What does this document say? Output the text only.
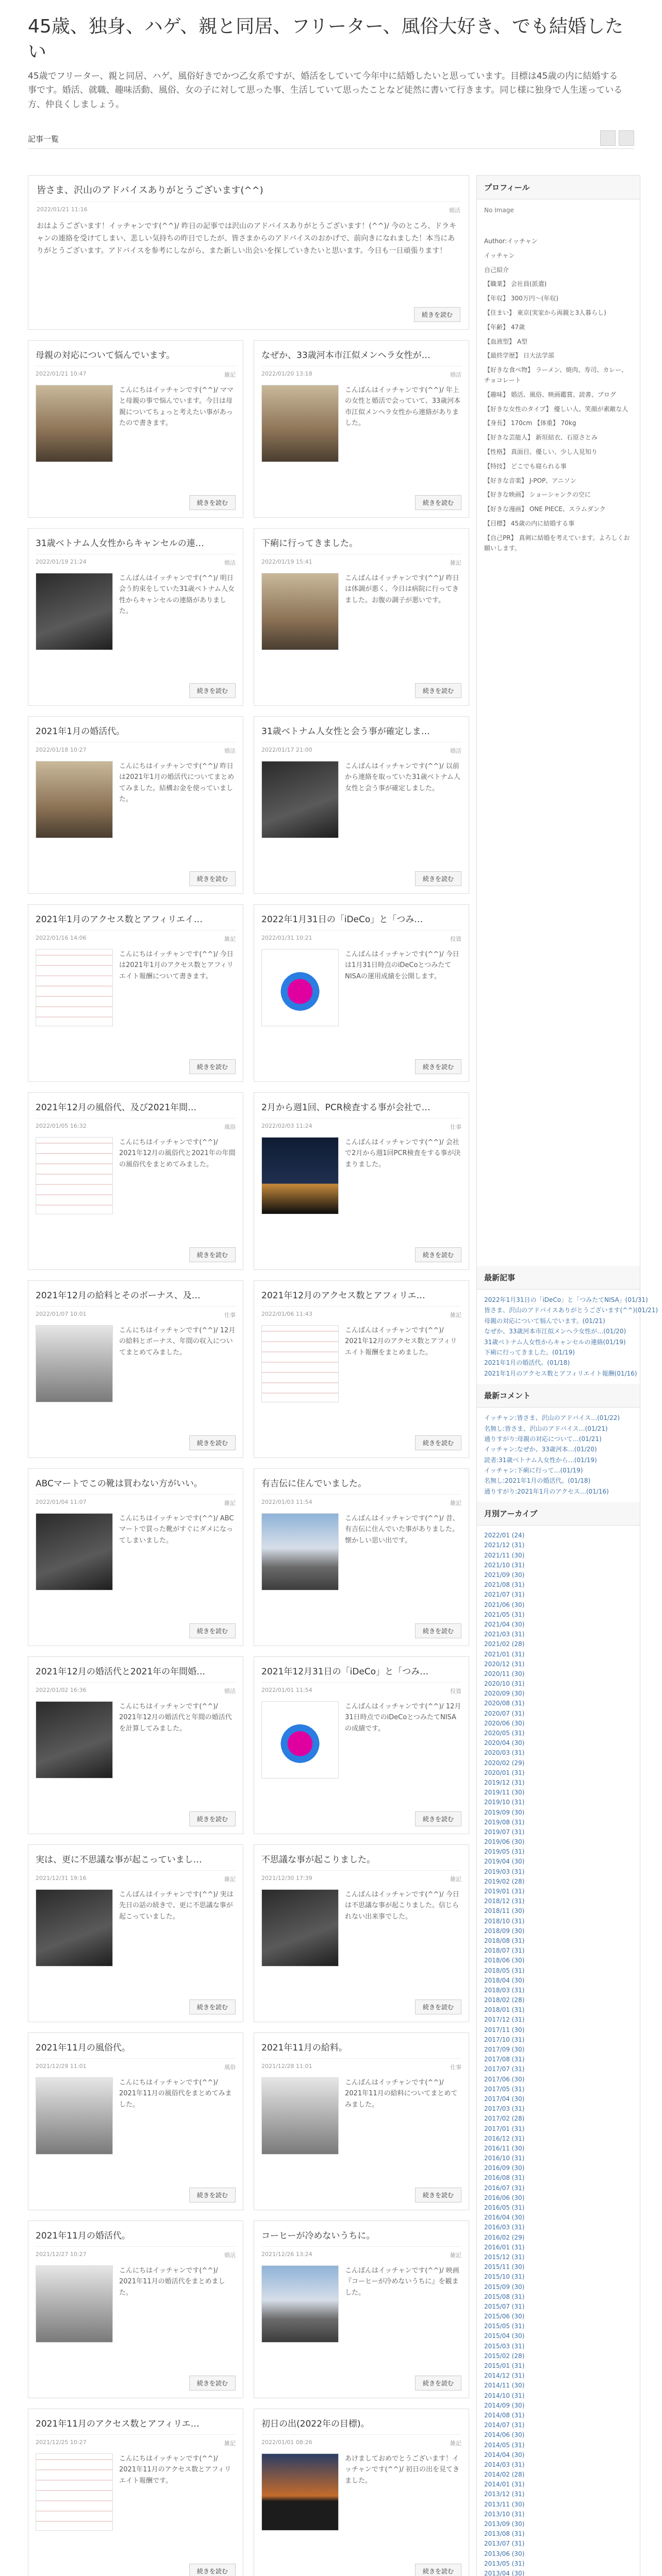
45歳、独身、ハゲ、親と同居、フリーター、風俗大好き、でも結婚したい

45歳でフリーター、親と同居、ハゲ、風俗好きでかつ乙女系ですが、婚活をしていて今年中に結婚したいと思っています。目標は45歳の内に結婚する事です。婚活、就職、趣味活動、風俗、女の子に対して思った事、生活していて思ったことなど徒然に書いて行きます。同じ様に独身で人生迷っている方、仲良くしましょう。

記事一覧
皆さま、沢山のアドバイスありがとうございます(^^)
2022/01/21 11:16	婚活

おはようございます！イッチャンです(^^)/ 昨日の記事では沢山のアドバイスありがとうございます！(^^)/ 今のところ、ドラキャンの連絡を受けてしまい、悲しい気持ちの昨日でしたが、皆さまからのアドバイスのおかげで、前向きになれました！本当にありがとうございます。アドバイスを参考にしながら、また新しい出会いを探していきたいと思います。今日も一日頑張ります！

続きを読む
母親の対応について悩んでいます。
2022/01/21 10:47	雑記
こんにちはイッチャンです(^^)/ ママと母親の事で悩んでいます。今日は母親についてちょっと考えたい事があったので書きます。
続きを読む
なぜか、33歳河本市江似メンヘラ女性が…
2022/01/20 13:18	婚活
こんばんはイッチャンです(^^)/ 年上の女性と婚活で会っていて、33歳河本市江似メンヘラ女性から連絡がありました。
続きを読む
31歳ベトナム人女性からキャンセルの連…
2022/01/19 21:24	婚活
こんばんはイッチャンです(^^)/ 明日会う約束をしていた31歳ベトナム人女性からキャンセルの連絡がありました。
続きを読む
下痢に行ってきました。
2022/01/19 15:41	雑記
こんばんはイッチャンです(^^)/ 昨日は体調が悪く、今日は病院に行ってきました。お腹の調子が悪いです。
続きを読む
2021年1月の婚活代。
2022/01/18 10:27	婚活
こんにちはイッチャンです(^^)/ 昨日は2021年1月の婚活代についてまとめてみました。結構お金を使っていました。
続きを読む
31歳ベトナム人女性と会う事が確定しま…
2022/01/17 21:00	婚活
こんばんはイッチャンです(^^)/ 以前から連絡を取っていた31歳ベトナム人女性と会う事が確定しました。
続きを読む
2021年1月のアクセス数とアフィリエイ…
2022/01/16 14:06	雑記
こんにちはイッチャンです(^^)/ 今日は2021年1月のアクセス数とアフィリエイト報酬について書きます。
続きを読む
2022年1月31日の「iDeCo」と「つみ…
2022/01/31 10:21	投資
こんばんはイッチャンです(^^)/ 今日は1月31日時点のiDeCoとつみたてNISAの運用成績を公開します。
続きを読む
2021年12月の風俗代、及び2021年間…
2022/01/05 16:32	風俗
こんにちはイッチャンです(^^)/ 2021年12月の風俗代と2021年の年間の風俗代をまとめてみました。
続きを読む
2月から週1回、PCR検査する事が会社で…
2022/02/03 11:24	仕事
こんばんはイッチャンです(^^)/ 会社で2月から週1回PCR検査をする事が決まりました。
続きを読む
2021年12月の給料とそのボーナス、及…
2022/01/07 10:01	仕事
こんにちはイッチャンです(^^)/ 12月の給料とボーナス、年間の収入についてまとめてみました。
続きを読む
2021年12月のアクセス数とアフィリエ…
2022/01/06 11:43	雑記
こんばんはイッチャンです(^^)/ 2021年12月のアクセス数とアフィリエイト報酬をまとめました。
続きを読む
ABCマートでこの靴は買わない方がいい。
2022/01/04 11:07	雑記
こんにちはイッチャンです(^^)/ ABCマートで買った靴がすぐにダメになってしまいました。
続きを読む
有吉伝に住んでいました。
2022/01/03 11:54	雑記
こんばんはイッチャンです(^^)/ 昔、有吉伝に住んでいた事がありました。懐かしい思い出です。
続きを読む
2021年12月の婚活代と2021年の年間婚…
2022/01/02 16:36	婚活
こんにちはイッチャンです(^^)/ 2021年12月の婚活代と年間の婚活代を計算してみました。
続きを読む
2021年12月31日の「iDeCo」と「つみ…
2022/01/01 11:54	投資
こんばんはイッチャンです(^^)/ 12月31日時点でのiDeCoとつみたてNISAの成績です。
続きを読む
実は、更に不思議な事が起こっていまし…
2021/12/31 19:16	雑記
こんばんはイッチャンです(^^)/ 実は先日の話の続きで、更に不思議な事が起こっていました。
続きを読む
不思議な事が起こりました。
2021/12/30 17:39	雑記
こんばんはイッチャンです(^^)/ 今日は不思議な事が起こりました。信じられない出来事でした。
続きを読む
2021年11月の風俗代。
2021/12/29 11:01	風俗
こんにちはイッチャンです(^^)/ 2021年11月の風俗代をまとめてみました。
続きを読む
2021年11月の給料。
2021/12/28 11:01	仕事
こんばんはイッチャンです(^^)/ 2021年11月の給料についてまとめてみました。
続きを読む
2021年11月の婚活代。
2021/12/27 10:27	婚活
こんにちはイッチャンです(^^)/ 2021年11月の婚活代をまとめました。
続きを読む
コーヒーが冷めないうちに。
2021/12/26 13:24	雑記
こんばんはイッチャンです(^^)/ 映画『コーヒーが冷めないうちに』を観ました。
続きを読む
2021年11月のアクセス数とアフィリエ…
2021/12/25 10:27	雑記
こんにちはイッチャンです(^^)/ 2021年11月のアクセス数とアフィリエイト報酬です。
続きを読む
初日の出(2022年の目標)。
2022/01/01 08:26	雑記
あけましておめでとうございます！イッチャンです(^^)/ 初日の出を見てきました。
続きを読む
プロフィール
No Image

Author:イッチャン

イッチャン

自己紹介

【職業】 会社員(派遣)

【年収】 300万円〜(年収)

【住まい】 東京(実家から両親と3人暮らし)

【年齢】 47歳

【血液型】 A型

【最終学歴】 日大法学部

【好きな食べ物】 ラーメン、焼肉、寿司、カレー、チョコレート

【趣味】 婚活、風俗、映画鑑賞、読書、ブログ

【好きな女性のタイプ】 優しい人、笑顔が素敵な人

【身長】 170cm 【体重】 70kg

【好きな芸能人】 新垣結衣、石原さとみ

【性格】 真面目、優しい、少し人見知り

【特技】 どこでも寝られる事

【好きな音楽】 J-POP、アニソン

【好きな映画】 ショーシャンクの空に

【好きな漫画】 ONE PIECE、スラムダンク

【目標】 45歳の内に結婚する事

【自己PR】 真剣に結婚を考えています。よろしくお願いします。

最新記事
2022年1月31日の「iDeCo」と「つみたてNISA」(01/31)
皆さま、沢山のアドバイスありがとうございます(^^)(01/21)
母親の対応について悩んでいます。(01/21)
なぜか、33歳河本市江似メンヘラ女性が…(01/20)
31歳ベトナム人女性からキャンセルの連絡(01/19)
下痢に行ってきました。(01/19)
2021年1月の婚活代。(01/18)
2021年1月のアクセス数とアフィリエイト報酬(01/16)
最新コメント
イッチャン:皆さま、沢山のアドバイス…(01/22)
名無し:皆さま、沢山のアドバイス…(01/21)
通りすがり:母親の対応について…(01/21)
イッチャン:なぜか、33歳河本…(01/20)
読者:31歳ベトナム人女性から…(01/19)
イッチャン:下痢に行って…(01/19)
名無し:2021年1月の婚活代。(01/18)
通りすがり:2021年1月のアクセス…(01/16)
月別アーカイブ
2022/01 (24)
2021/12 (31)
2021/11 (30)
2021/10 (31)
2021/09 (30)
2021/08 (31)
2021/07 (31)
2021/06 (30)
2021/05 (31)
2021/04 (30)
2021/03 (31)
2021/02 (28)
2021/01 (31)
2020/12 (31)
2020/11 (30)
2020/10 (31)
2020/09 (30)
2020/08 (31)
2020/07 (31)
2020/06 (30)
2020/05 (31)
2020/04 (30)
2020/03 (31)
2020/02 (29)
2020/01 (31)
2019/12 (31)
2019/11 (30)
2019/10 (31)
2019/09 (30)
2019/08 (31)
2019/07 (31)
2019/06 (30)
2019/05 (31)
2019/04 (30)
2019/03 (31)
2019/02 (28)
2019/01 (31)
2018/12 (31)
2018/11 (30)
2018/10 (31)
2018/09 (30)
2018/08 (31)
2018/07 (31)
2018/06 (30)
2018/05 (31)
2018/04 (30)
2018/03 (31)
2018/02 (28)
2018/01 (31)
2017/12 (31)
2017/11 (30)
2017/10 (31)
2017/09 (30)
2017/08 (31)
2017/07 (31)
2017/06 (30)
2017/05 (31)
2017/04 (30)
2017/03 (31)
2017/02 (28)
2017/01 (31)
2016/12 (31)
2016/11 (30)
2016/10 (31)
2016/09 (30)
2016/08 (31)
2016/07 (31)
2016/06 (30)
2016/05 (31)
2016/04 (30)
2016/03 (31)
2016/02 (29)
2016/01 (31)
2015/12 (31)
2015/11 (30)
2015/10 (31)
2015/09 (30)
2015/08 (31)
2015/07 (31)
2015/06 (30)
2015/05 (31)
2015/04 (30)
2015/03 (31)
2015/02 (28)
2015/01 (31)
2014/12 (31)
2014/11 (30)
2014/10 (31)
2014/09 (30)
2014/08 (31)
2014/07 (31)
2014/06 (30)
2014/05 (31)
2014/04 (30)
2014/03 (31)
2014/02 (28)
2014/01 (31)
2013/12 (31)
2013/11 (30)
2013/10 (31)
2013/09 (30)
2013/08 (31)
2013/07 (31)
2013/06 (30)
2013/05 (31)
2013/04 (30)
